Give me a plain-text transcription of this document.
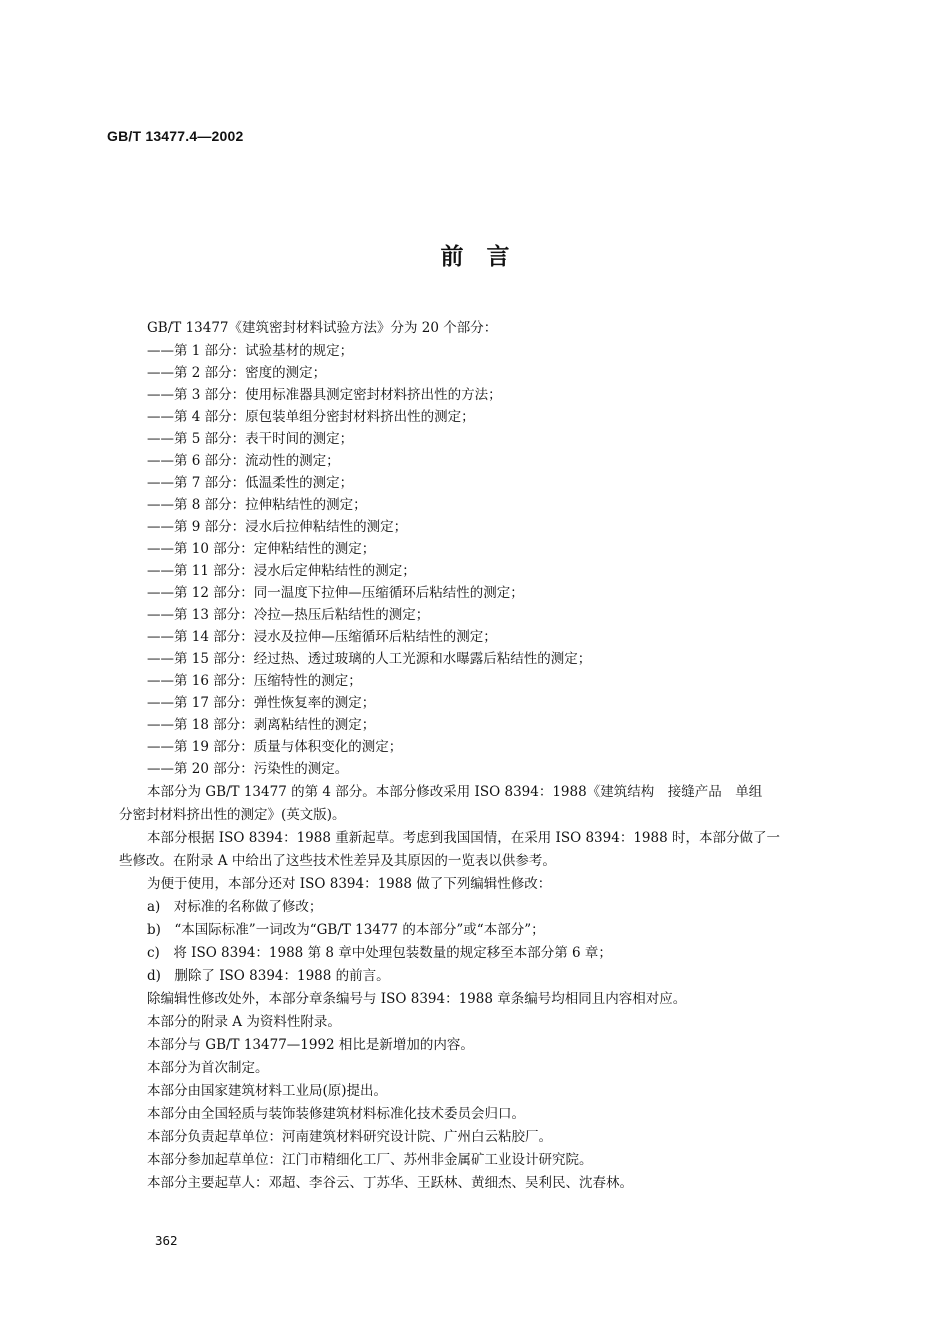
GB/T 13477.4—2002
前　言
GB/T 13477《建筑密封材料试验方法》分为 20 个部分：
——第 1 部分：试验基材的规定；
——第 2 部分：密度的测定；
——第 3 部分：使用标准器具测定密封材料挤出性的方法；
——第 4 部分：原包装单组分密封材料挤出性的测定；
——第 5 部分：表干时间的测定；
——第 6 部分：流动性的测定；
——第 7 部分：低温柔性的测定；
——第 8 部分：拉伸粘结性的测定；
——第 9 部分：浸水后拉伸粘结性的测定；
——第 10 部分：定伸粘结性的测定；
——第 11 部分：浸水后定伸粘结性的测定；
——第 12 部分：同一温度下拉伸—压缩循环后粘结性的测定；
——第 13 部分：冷拉—热压后粘结性的测定；
——第 14 部分：浸水及拉伸—压缩循环后粘结性的测定；
——第 15 部分：经过热、透过玻璃的人工光源和水曝露后粘结性的测定；
——第 16 部分：压缩特性的测定；
——第 17 部分：弹性恢复率的测定；
——第 18 部分：剥离粘结性的测定；
——第 19 部分：质量与体积变化的测定；
——第 20 部分：污染性的测定。
本部分为 GB/T 13477 的第 4 部分。本部分修改采用 ISO 8394：1988《建筑结构　接缝产品　单组
分密封材料挤出性的测定》(英文版)。
本部分根据 ISO 8394：1988 重新起草。考虑到我国国情，在采用 ISO 8394：1988 时，本部分做了一
些修改。在附录 A 中给出了这些技术性差异及其原因的一览表以供参考。
为便于使用，本部分还对 ISO 8394：1988 做了下列编辑性修改：
a)　对标准的名称做了修改；
b)　“本国际标准”一词改为“GB/T 13477 的本部分”或“本部分”；
c)　将 ISO 8394：1988 第 8 章中处理包装数量的规定移至本部分第 6 章；
d)　删除了 ISO 8394：1988 的前言。
除编辑性修改处外，本部分章条编号与 ISO 8394：1988 章条编号均相同且内容相对应。
本部分的附录 A 为资料性附录。
本部分与 GB/T 13477—1992 相比是新增加的内容。
本部分为首次制定。
本部分由国家建筑材料工业局(原)提出。
本部分由全国轻质与装饰装修建筑材料标准化技术委员会归口。
本部分负责起草单位：河南建筑材料研究设计院、广州白云粘胶厂。
本部分参加起草单位：江门市精细化工厂、苏州非金属矿工业设计研究院。
本部分主要起草人：邓超、李谷云、丁苏华、王跃林、黄细杰、吴利民、沈春林。
362
